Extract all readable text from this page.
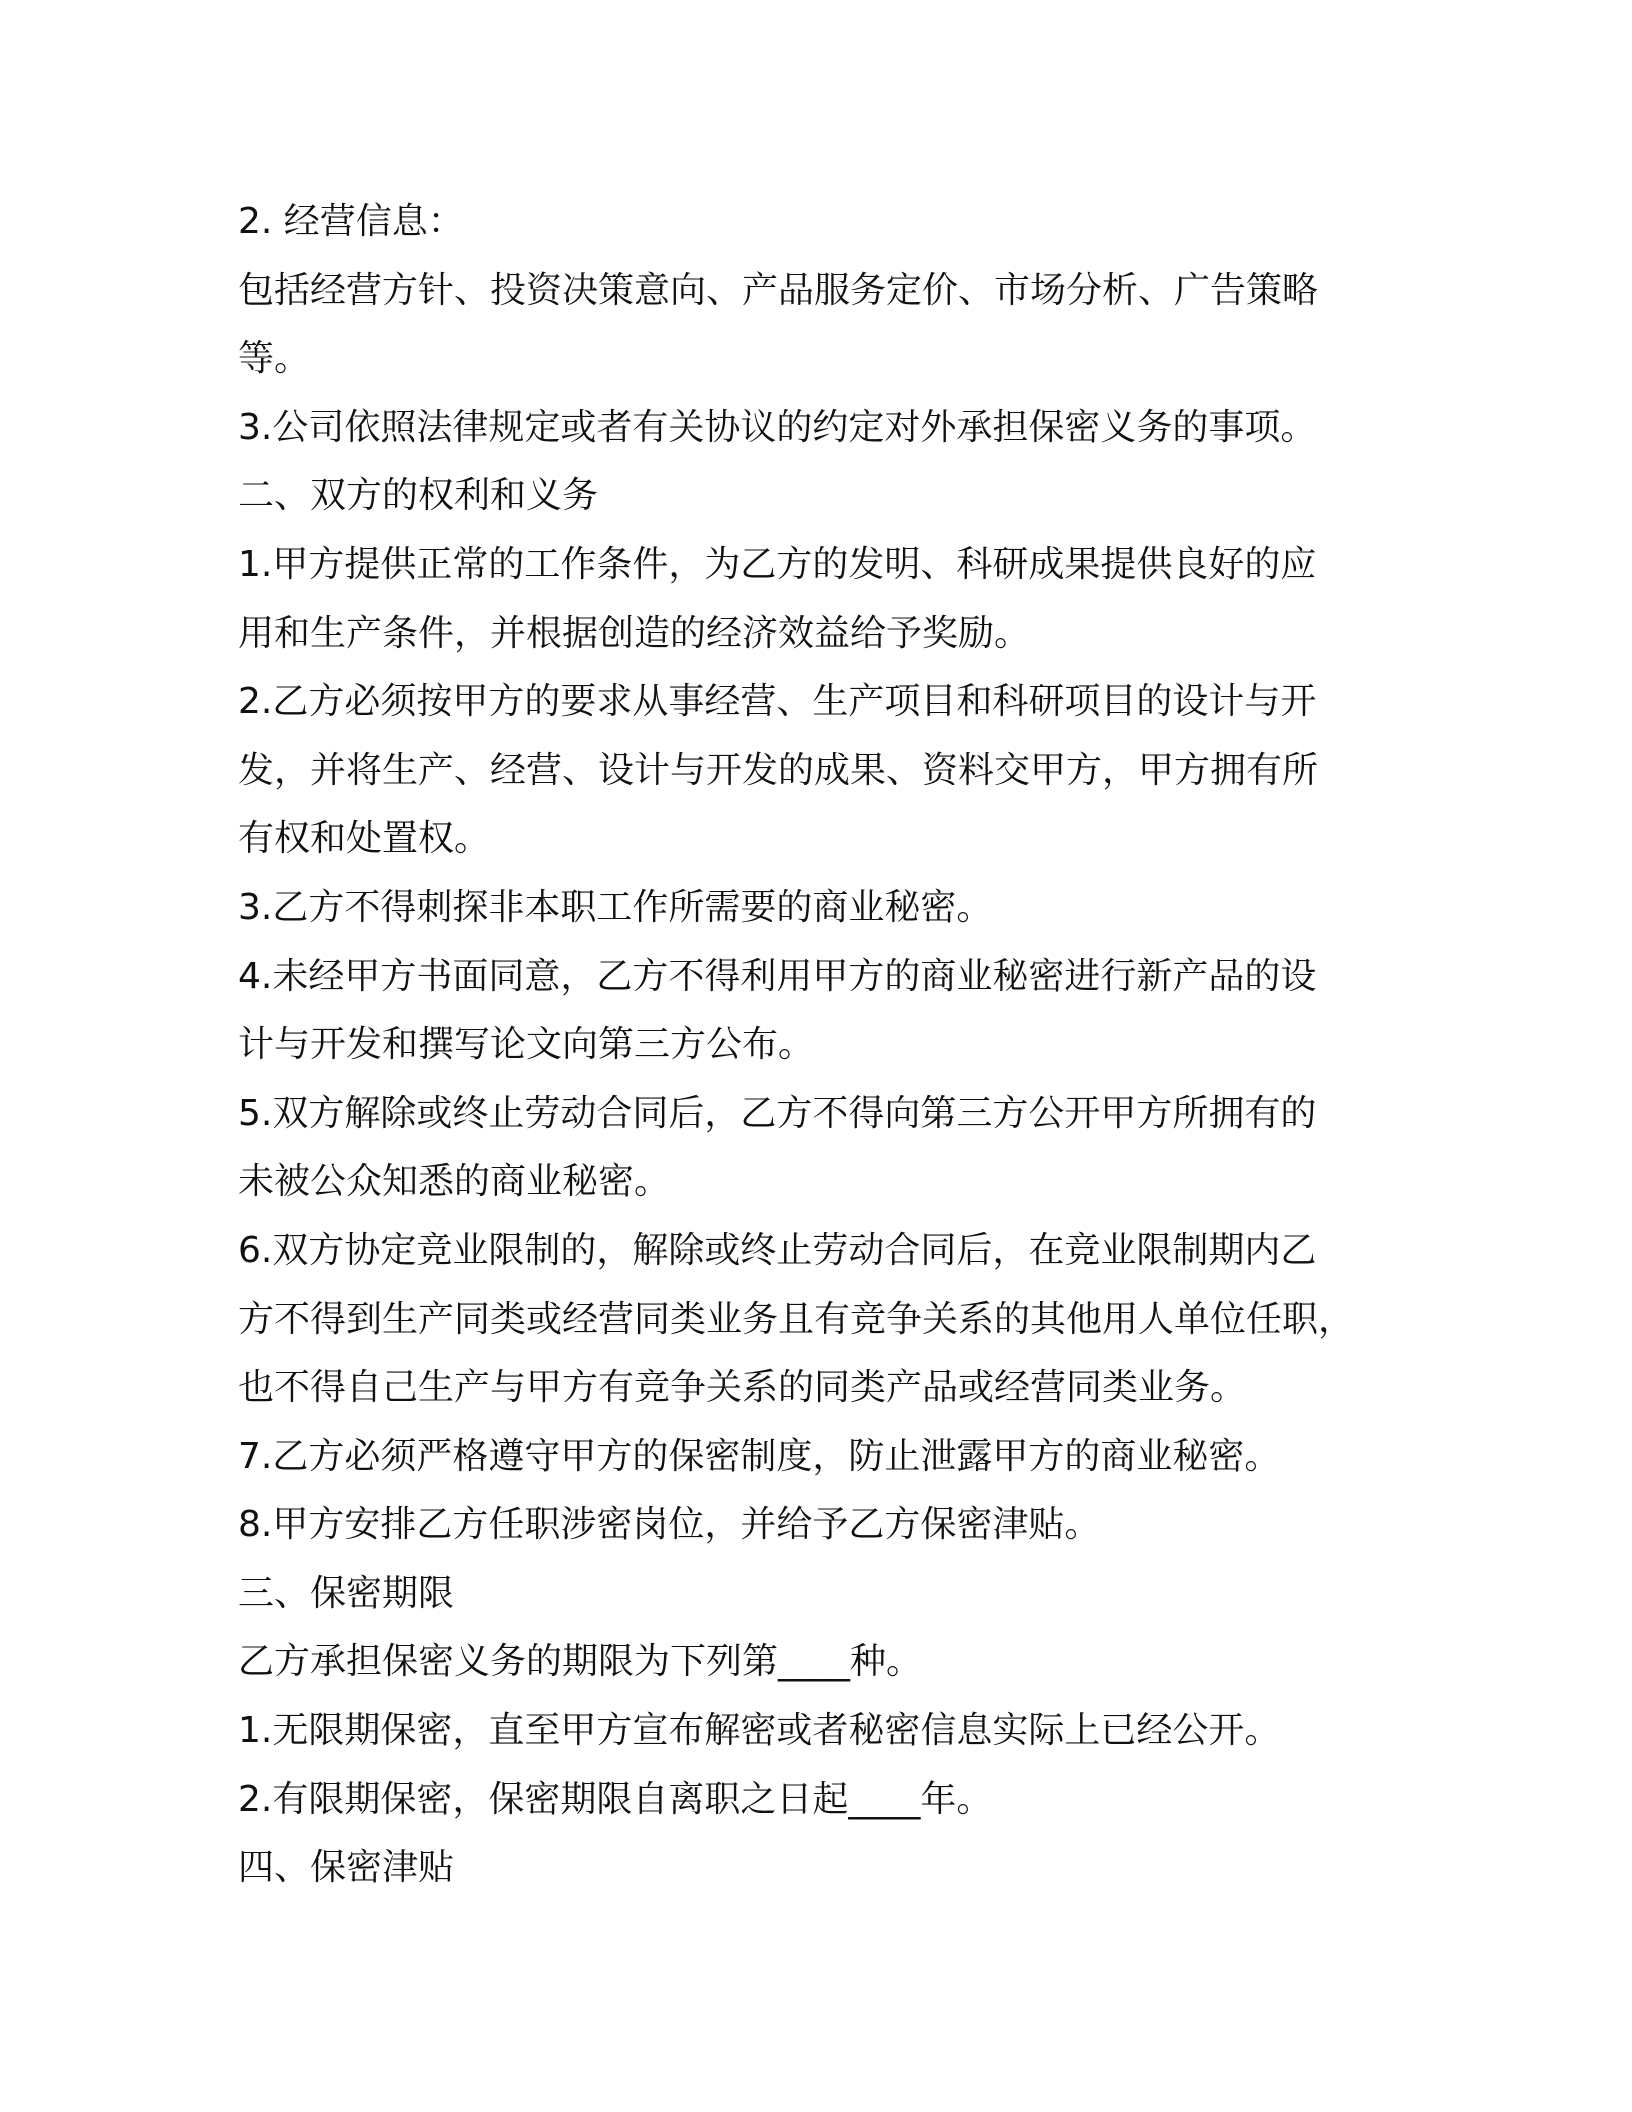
2. 经营信息：

包括经营方针、投资决策意向、产品服务定价、市场分析、广告策略

等。

3.公司依照法律规定或者有关协议的约定对外承担保密义务的事项。

二、双方的权利和义务

1.甲方提供正常的工作条件，为乙方的发明、科研成果提供良好的应

用和生产条件，并根据创造的经济效益给予奖励。

2.乙方必须按甲方的要求从事经营、生产项目和科研项目的设计与开

发，并将生产、经营、设计与开发的成果、资料交甲方，甲方拥有所

有权和处置权。

3.乙方不得刺探非本职工作所需要的商业秘密。

4.未经甲方书面同意，乙方不得利用甲方的商业秘密进行新产品的设

计与开发和撰写论文向第三方公布。

5.双方解除或终止劳动合同后，乙方不得向第三方公开甲方所拥有的

未被公众知悉的商业秘密。

6.双方协定竞业限制的，解除或终止劳动合同后，在竞业限制期内乙

方不得到生产同类或经营同类业务且有竞争关系的其他用人单位任职，

也不得自己生产与甲方有竞争关系的同类产品或经营同类业务。

7.乙方必须严格遵守甲方的保密制度，防止泄露甲方的商业秘密。

8.甲方安排乙方任职涉密岗位，并给予乙方保密津贴。

三、保密期限

乙方承担保密义务的期限为下列第____种。

1.无限期保密，直至甲方宣布解密或者秘密信息实际上已经公开。

2.有限期保密，保密期限自离职之日起____年。

四、保密津贴
